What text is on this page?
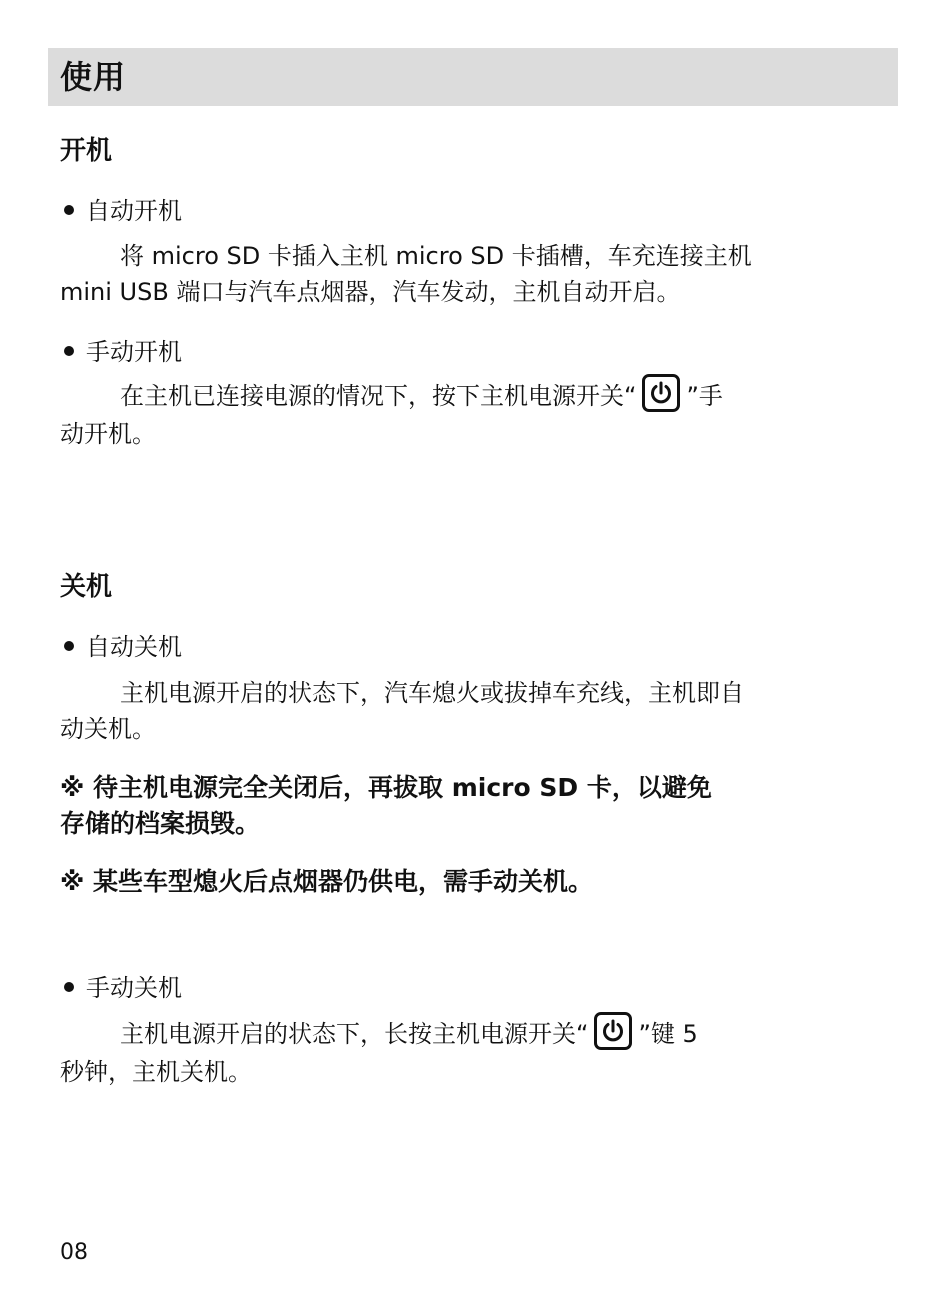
使用
开机
自动开机
将 micro SD 卡插入主机 micro SD 卡插槽，车充连接主机
mini USB 端口与汽车点烟器，汽车发动，主机自动开启。
手动开机
在主机已连接电源的情况下，按下主机电源开关“ ”手
动开机。
关机
自动关机
主机电源开启的状态下，汽车熄火或拔掉车充线，主机即自
动关机。
※ 待主机电源完全关闭后，再拔取 micro SD 卡，以避免
存储的档案损毁。
※ 某些车型熄火后点烟器仍供电，需手动关机。
手动关机
主机电源开启的状态下，长按主机电源开关“ ”键 5
秒钟，主机关机。
08
